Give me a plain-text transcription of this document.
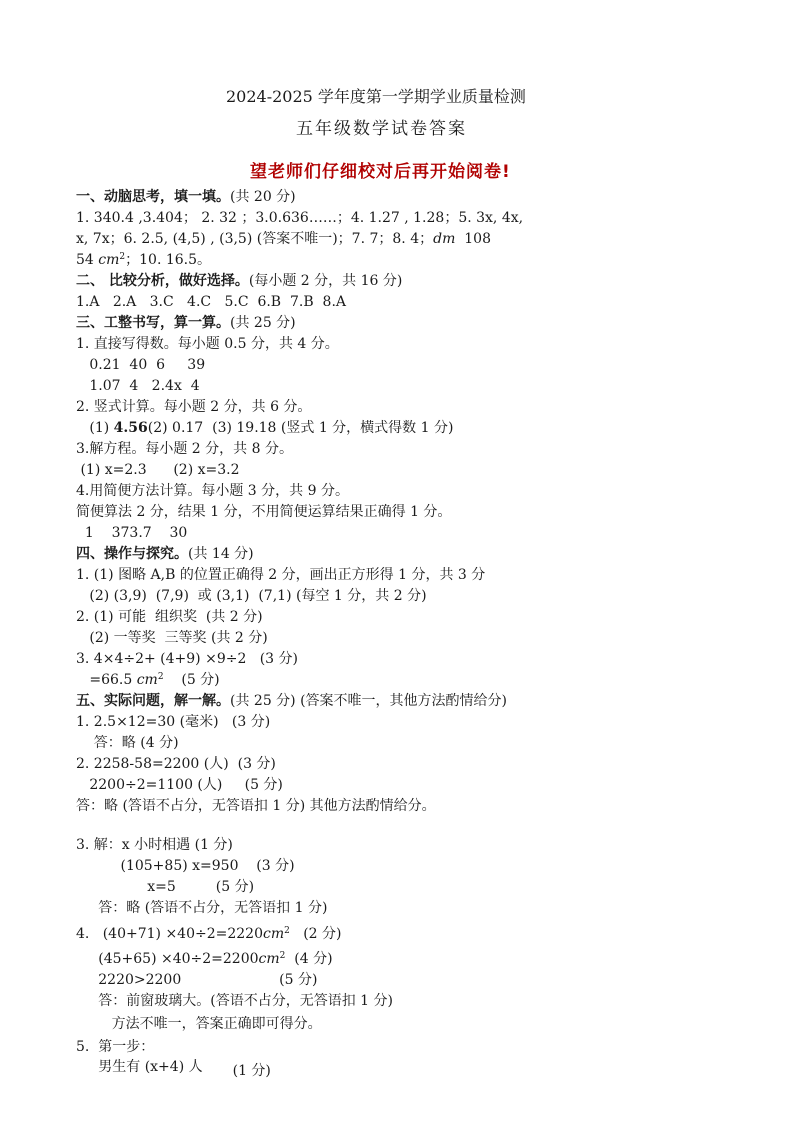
2024-2025 学年度第一学期学业质量检测
五年级数学试卷答案
望老师们仔细校对后再开始阅卷!
一、动脑思考，填一填。(共 20 分)
1. 340.4 ,3.404； 2. 32 ；3.0.636……；4. 1.27 , 1.28；5. 3x, 4x,
x, 7x；6. 2.5, (4,5) , (3,5) (答案不唯一)；7. 7；8. 4；dm  108
54 $cm^2$；10. 16.5。
二、 比较分析，做好选择。(每小题 2 分，共 16 分)
1.A   2.A   3.C   4.C   5.C  6.B  7.B  8.A
三、工整书写，算一算。(共 25 分)
1. 直接写得数。每小题 0.5 分，共 4 分。
0.21  40  6     39
1.07  4   2.4x  4
2. 竖式计算。每小题 2 分，共 6 分。
(1) 4.56(2) 0.17  (3) 19.18 (竖式 1 分，横式得数 1 分)
3.解方程。每小题 2 分，共 8 分。
(1) x=2.3      (2) x=3.2
4.用简便方法计算。每小题 3 分，共 9 分。
简便算法 2 分，结果 1 分，不用简便运算结果正确得 1 分。
1    373.7    30
四、操作与探究。(共 14 分)
1. (1) 图略 A,B 的位置正确得 2 分，画出正方形得 1 分，共 3 分
(2) (3,9)  (7,9)  或 (3,1)  (7,1) (每空 1 分，共 2 分)
2. (1) 可能  组织奖  (共 2 分)
(2) 一等奖  三等奖 (共 2 分)
3. 4×4÷2+ (4+9) ×9÷2   (3 分)
=66.5 $cm^2$    (5 分)
五、实际问题，解一解。(共 25 分) (答案不唯一，其他方法酌情给分)
1. 2.5×12=30 (毫米)   (3 分)
答：略 (4 分)
2. 2258-58=2200 (人)  (3 分)
2200÷2=1100 (人)     (5 分)
答：略 (答语不占分，无答语扣 1 分) 其他方法酌情给分。
3. 解：x 小时相遇 (1 分)
(105+85) x=950    (3 分)
x=5         (5 分)
答：略 (答语不占分，无答语扣 1 分)
4.   $(40+71) \times 40\div 2=2220cm^2$   (2 分)
$(45+65) \times 40\div 2=2200cm^2$  (4 分)
2220>2200                      (5 分)
答：前窗玻璃大。(答语不占分，无答语扣 1 分)
方法不唯一，答案正确即可得分。
5.  第一步：
男生有 (x+4) 人 (1 分)
